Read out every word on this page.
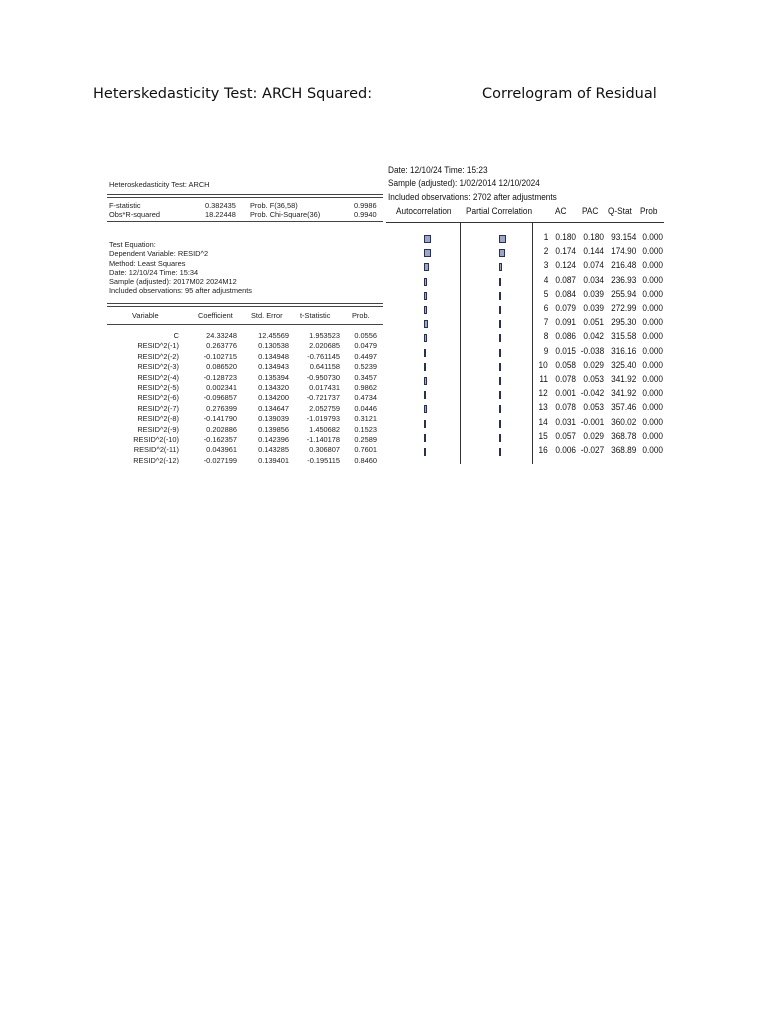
Heterskedasticity Test: ARCH Squared:	Correlogram of Residual
Heteroskedasticity Test: ARCH
F-statistic	0.382435 Prob. F(36,58)	0.9986
Obs*R-squared	18.22448 Prob. Chi-Square(36)	0.9940
Test Equation:
Dependent Variable: RESID^2
Method: Least Squares
Date: 12/10/24 Time: 15:34
Sample (adjusted): 2017M02 2024M12
Included observations: 95 after adjustments
Variable	Coefficient Std. Error t-Statistic	Prob.
C	24.33248	12.45569	1.953523	0.0556
RESID^2(-1)	0.263776	0.130538	2.020685	0.0479
RESID^2(-2)	-0.102715	0.134948	-0.761145	0.4497
RESID^2(-3)	0.086520	0.134943	0.641158	0.5239
RESID^2(-4)	-0.128723	0.135394	-0.950730	0.3457
RESID^2(-5)	0.002341	0.134320	0.017431	0.9862
RESID^2(-6)	-0.096857	0.134200	-0.721737	0.4734
RESID^2(-7)	0.276399	0.134647	2.052759	0.0446
RESID^2(-8)	-0.141790	0.139039	-1.019793	0.3121
RESID^2(-9)	0.202886	0.139856	1.450682	0.1523
RESID^2(-10)	-0.162357	0.142396	-1.140178	0.2589
RESID^2(-11)	0.043961	0.143285	0.306807	0.7601
RESID^2(-12)	-0.027199	0.139401	-0.195115	0.8460
Date: 12/10/24 Time: 15:23
Sample (adjusted): 1/02/2014 12/10/2024
Included observations: 2702 after adjustments
Autocorrelation Partial Correlation AC PAC Q-Stat Prob
1 0.180 0.180 93.154 0.000
2 0.174 0.144 174.90 0.000
3 0.124 0.074 216.48 0.000
4 0.087 0.034 236.93 0.000
5 0.084 0.039 255.94 0.000
6 0.079 0.039 272.99 0.000
7 0.091 0.051 295.30 0.000
8 0.086 0.042 315.58 0.000
9 0.015 -0.038 316.16 0.000
10 0.058 0.029 325.40 0.000
11 0.078 0.053 341.92 0.000
12 0.001 -0.042 341.92 0.000
13 0.078 0.053 357.46 0.000
14 0.031 -0.001 360.02 0.000
15 0.057 0.029 368.78 0.000
16 0.006 -0.027 368.89 0.000
